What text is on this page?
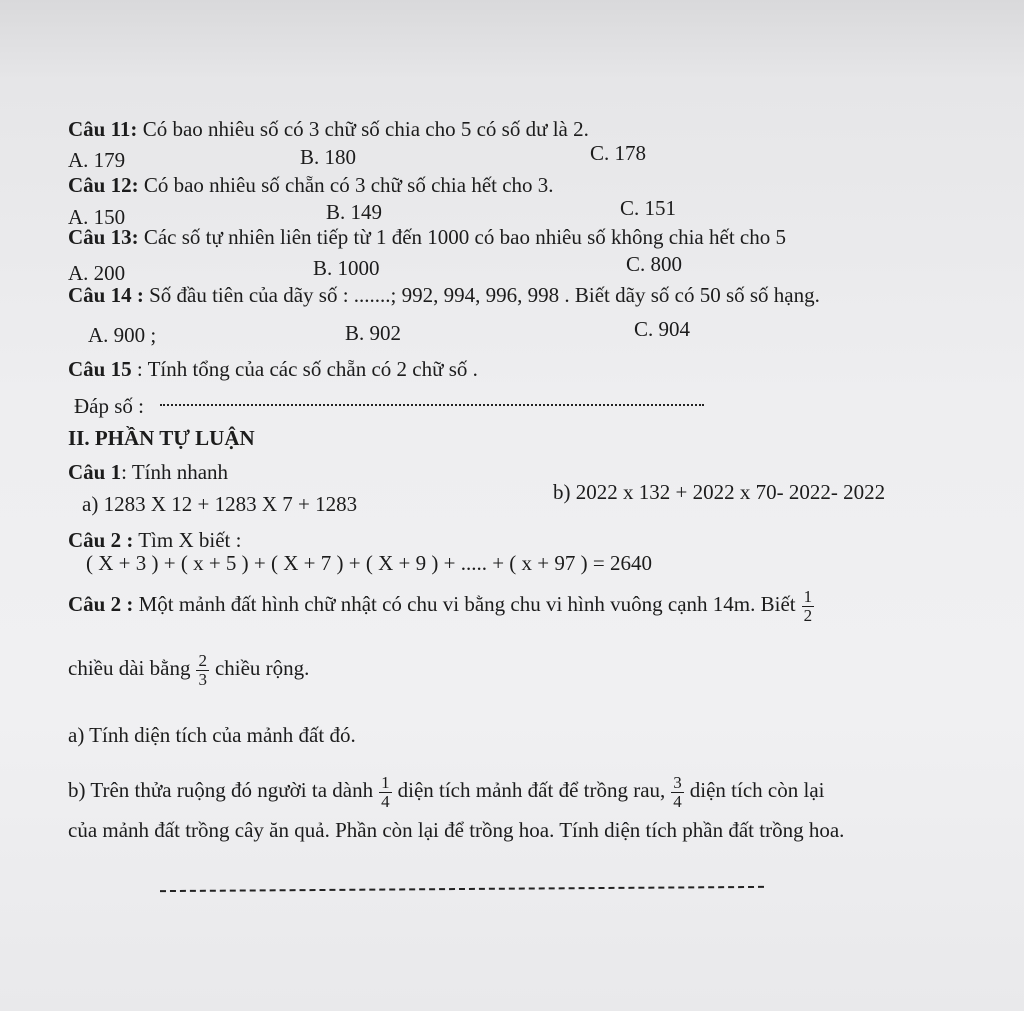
Câu 11: Có bao nhiêu số có 3 chữ số chia cho 5 có số dư là 2.
A. 179	B. 180	C. 178
Câu 12: Có bao nhiêu số chẵn có 3 chữ số chia hết cho 3.
A. 150	B. 149	C. 151
Câu 13: Các số tự nhiên liên tiếp từ 1 đến 1000 có bao nhiêu số không chia hết cho 5
A. 200	B. 1000	C. 800
Câu 14 : Số đầu tiên của dãy số : .......; 992, 994, 996, 998 . Biết dãy số có 50 số số hạng.
A. 900 ;	B. 902	C. 904
Câu 15 : Tính tổng của các số chẵn có 2 chữ số .
Đáp số :
II. PHẦN TỰ LUẬN
Câu 1: Tính nhanh
a) 1283 X 12 + 1283 X 7 + 1283	b) 2022 x 132 + 2022 x 70- 2022- 2022
Câu 2 : Tìm X biết :
( X + 3 ) + ( x + 5 ) + ( X + 7 ) + ( X + 9 ) + ..... + ( x + 97 ) = 2640
Câu 2 : Một mảnh đất hình chữ nhật có chu vi bằng chu vi hình vuông cạnh 14m. Biết $\frac{1}{2}$
chiều dài bằng $\frac{2}{3}$ chiều rộng.
a) Tính diện tích của mảnh đất đó.
b) Trên thửa ruộng đó người ta dành $\frac{1}{4}$ diện tích mảnh đất để trồng rau, $\frac{3}{4}$ diện tích còn lại
của mảnh đất trồng cây ăn quả. Phần còn lại để trồng hoa. Tính diện tích phần đất trồng hoa.
